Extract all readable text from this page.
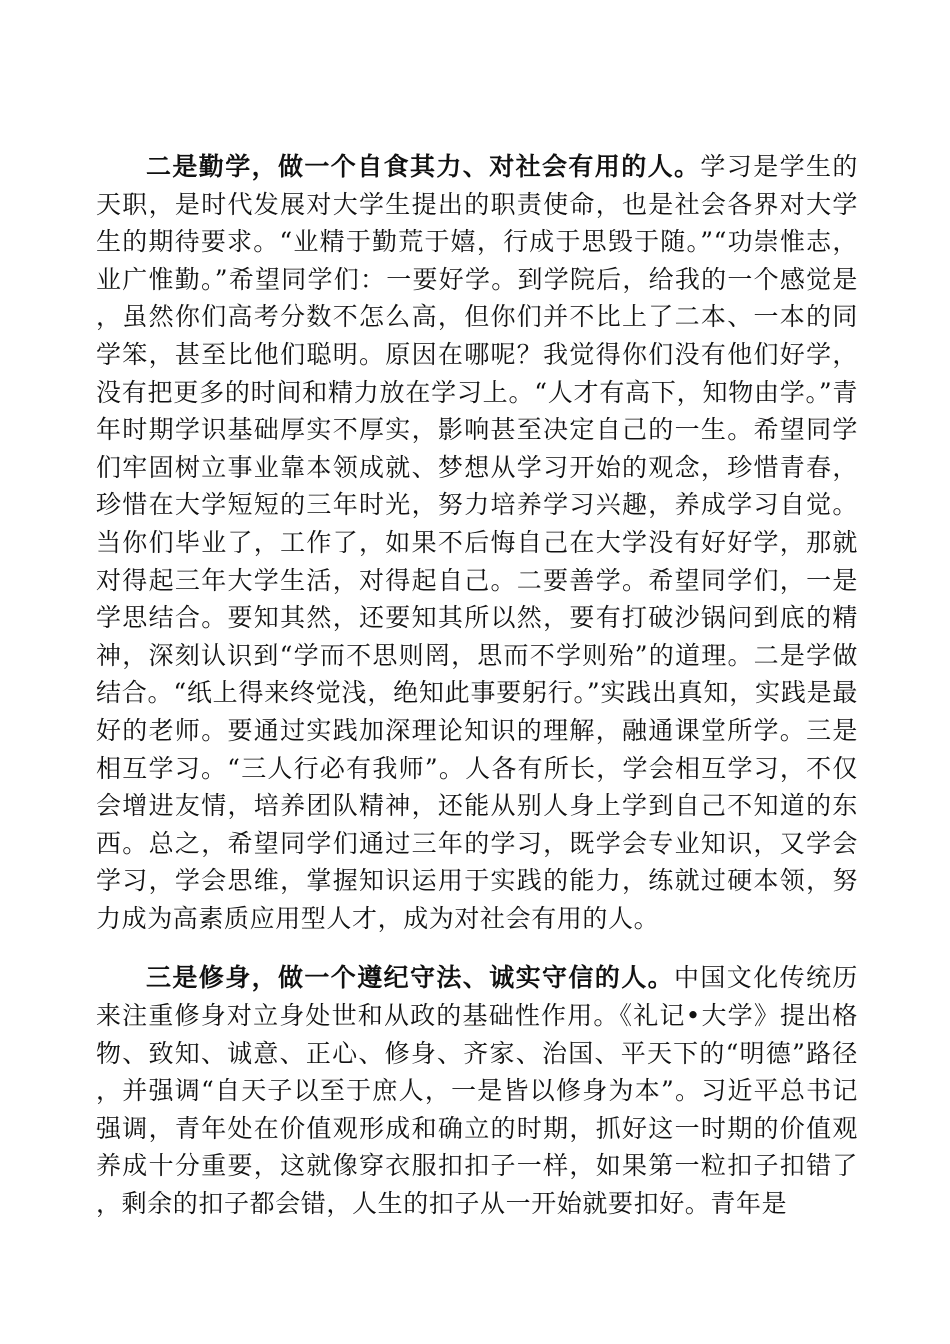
二是勤学，做一个自食其力、对社会有用的人。学习是学生的天职，是时代发展对大学生提出的职责使命，也是社会各界对大学生的期待要求。“业精于勤荒于嬉，行成于思毁于随。”“功崇惟志，业广惟勤。”希望同学们：一要好学。到学院后，给我的一个感觉是，虽然你们高考分数不怎么高，但你们并不比上了二本、一本的同学笨，甚至比他们聪明。原因在哪呢？我觉得你们没有他们好学，没有把更多的时间和精力放在学习上。“人才有高下，知物由学。”青年时期学识基础厚实不厚实，影响甚至决定自己的一生。希望同学们牢固树立事业靠本领成就、梦想从学习开始的观念，珍惜青春，珍惜在大学短短的三年时光，努力培养学习兴趣，养成学习自觉。当你们毕业了，工作了，如果不后悔自己在大学没有好好学，那就对得起三年大学生活，对得起自己。二要善学。希望同学们，一是学思结合。要知其然，还要知其所以然，要有打破沙锅问到底的精神，深刻认识到“学而不思则罔，思而不学则殆”的道理。二是学做结合。“纸上得来终觉浅，绝知此事要躬行。”实践出真知，实践是最好的老师。要通过实践加深理论知识的理解，融通课堂所学。三是相互学习。“三人行必有我师”。人各有所长，学会相互学习，不仅会增进友情，培养团队精神，还能从别人身上学到自己不知道的东西。总之，希望同学们通过三年的学习，既学会专业知识，又学会学习，学会思维，掌握知识运用于实践的能力，练就过硬本领，努力成为高素质应用型人才，成为对社会有用的人。

三是修身，做一个遵纪守法、诚实守信的人。中国文化传统历来注重修身对立身处世和从政的基础性作用。《礼记•大学》提出格物、致知、诚意、正心、修身、齐家、治国、平天下的“明德”路径，并强调“自天子以至于庶人，一是皆以修身为本”。习近平总书记强调，青年处在价值观形成和确立的时期，抓好这一时期的价值观养成十分重要，这就像穿衣服扣扣子一样，如果第一粒扣子扣错了，剩余的扣子都会错，人生的扣子从一开始就要扣好。青年是
